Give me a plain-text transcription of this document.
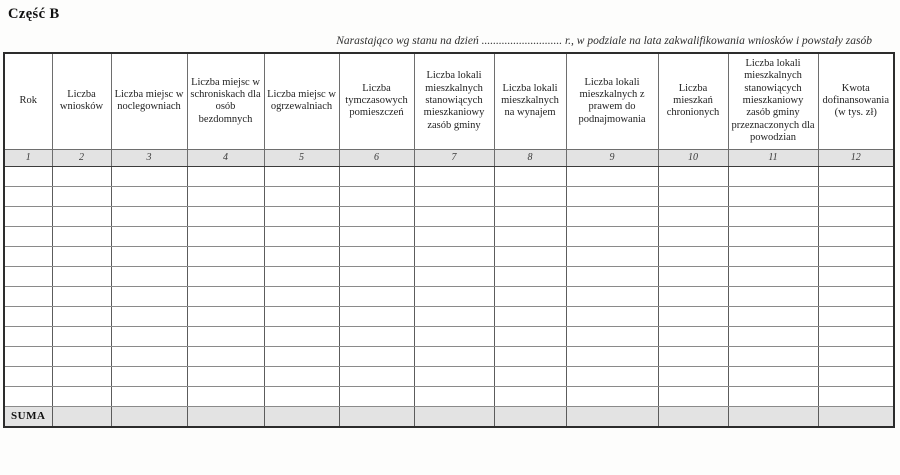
Część B
Narastająco wg stanu na dzień ............................ r., w podziale na lata zakwalifikowania wniosków i powstały zasób
Rok	Liczba wniosków	Liczba miejsc w noclegowniach	Liczba miejsc w schroniskach dla osób bezdomnych	Liczba miejsc w ogrzewalniach	Liczba tymczasowych pomieszczeń	Liczba lokali mieszkalnych stanowiących mieszkaniowy zasób gminy	Liczba lokali mieszkalnych na wynajem	Liczba lokali mieszkalnych z prawem do podnajmowania	Liczba mieszkań chronionych	Liczba lokali mieszkalnych stanowiących mieszkaniowy zasób gminy przeznaczonych dla powodzian	Kwota dofinansowania (w tys. zł)
1	2	3	4	5	6	7	8	9	10	11	12

SUMA											
